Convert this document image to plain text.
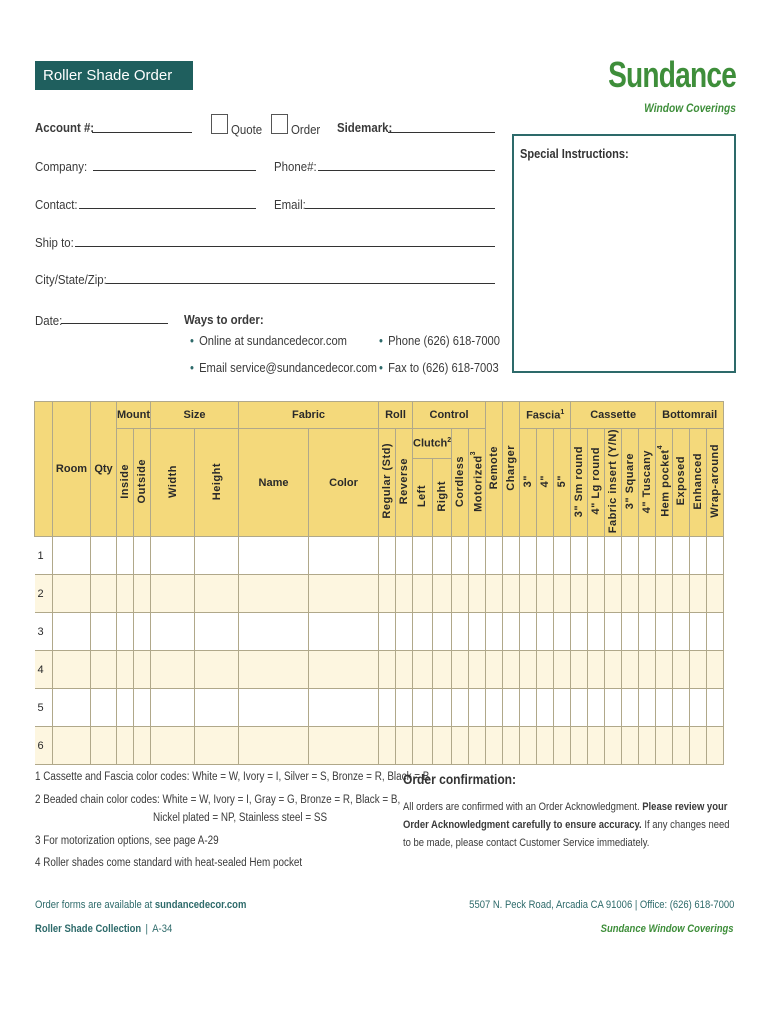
Roller Shade Order Form
Sundance
Window Coverings
Account #:	Quote Order Sidemark:
Company:	Phone#:
Contact:	Email:
Ship to:
City/State/Zip:
Date:
Special Instructions:
Ways to order:
• Online at sundancedecor.com • Phone (626) 618-7000
• Email service@sundancedecor.com • Fax to (626) 618-7003
	Room	Qty	Mount		Size		Fabric		Roll		Control				Remote	Charger	Fascia$^1$			Cassette					Bottomrail			
			Inside	Outside	Width	Height	Name	Color	Regular (Std)	Reverse	Clutch$^2$		Cordless	Motorized$^3$			3"	4"	5"	3" Sm round	4" Lg round	Fabric insert (Y/N)	3" Square	4" Tuscany	Hem pocket$^4$	Exposed	Enhanced	Wrap-around
											Left	Right																
1																												
2																												
3																												
4																												
5																												
6																												
1 Cassette and Fascia color codes: White = W, Ivory = I, Silver = S, Bronze = R, Black = B
2 Beaded chain color codes: White = W, Ivory = I, Gray = G, Bronze = R, Black = B,
Nickel plated = NP, Stainless steel = SS
3 For motorization options, see page A-29
4 Roller shades come standard with heat-sealed Hem pocket
Order confirmation:
All orders are confirmed with an Order Acknowledgment. Please review your Order Acknowledgment carefully to ensure accuracy. If any changes need to be made, please contact Customer Service immediately.
Order forms are available at sundancedecor.com
Roller Shade Collection | A-34
5507 N. Peck Road, Arcadia CA 91006 | Office: (626) 618-7000
Sundance Window Coverings
